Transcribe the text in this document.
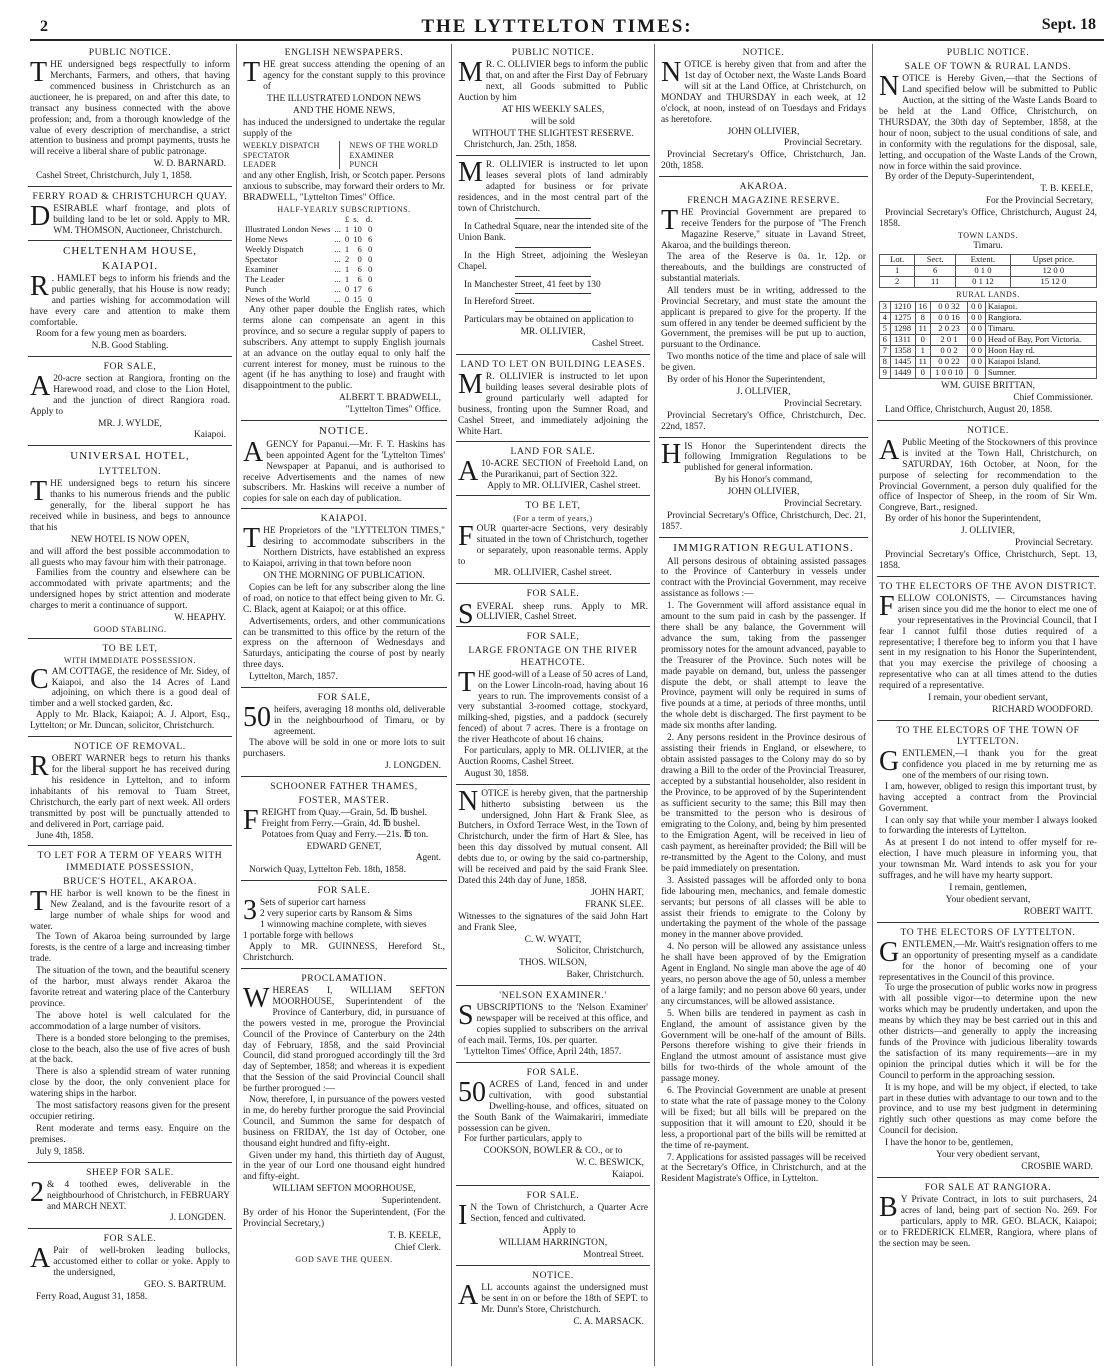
2	THE LYTTELTON TIMES:	Sept. 18
PUBLIC NOTICE.

THE undersigned begs respectfully to inform Merchants, Farmers, and others, that having commenced business in Christchurch as an auctioneer, he is prepared, on and after this date, to transact any business connected with the above profession; and, from a thorough knowledge of the value of every description of merchandise, a strict attention to business and prompt payments, trusts he will receive a liberal share of public patronage.

W. D. BARNARD.
Cashel Street, Christchurch, July 1, 1858.
FERRY ROAD & CHRISTCHURCH QUAY.

DESIRABLE wharf frontage, and plots of building land to be let or sold. Apply to MR. WM. THOMSON, Auctioneer, Christchurch.

CHELTENHAM HOUSE,
KAIAPOI.

R . HAMLET begs to inform his friends and the public generally, that his House is now ready; and parties wishing for accommodation will have every care and attention to make them comfortable.

Room for a few young men as boarders.
N.B. Good Stabling.
FOR SALE,

A 20-acre section at Rangiora, fronting on the Harewood road, and close to the Lion Hotel, and the junction of direct Rangiora road. Apply to

MR. J. WYLDE,
Kaiapoi.
UNIVERSAL HOTEL,
LYTTELTON.

THE undersigned begs to return his sincere thanks to his numerous friends and the public generally, for the liberal support he has received while in business, and begs to announce that his

NEW HOTEL IS NOW OPEN,

and will afford the best possible accommodation to all guests who may favour him with their patronage.

Families from the country and elsewhere can be accommodated with private apartments; and the undersigned hopes by strict attention and moderate charges to merit a continuance of support.

W. HEAPHY.
GOOD STABLING.
TO BE LET,
WITH IMMEDIATE POSSESSION.

CAM COTTAGE, the residence of Mr. Sidey, of Kaiapoi, and also the 14 Acres of Land adjoining, on which there is a good deal of timber and a well stocked garden, &c.

Apply to Mr. Black, Kaiapoi; A. J. Alport, Esq., Lyttelton; or Mr. Duncan, solicitor, Christchurch.

NOTICE OF REMOVAL.

ROBERT WARNER begs to return his thanks for the liberal support he has received during his residence in Lyttelton, and to inform inhabitants of his removal to Tuam Street, Christchurch, the early part of next week. All orders transmitted by post will be punctually attended to and delivered in Port, carriage paid.

June 4th, 1858.
TO LET FOR A TERM OF YEARS WITH IMMEDIATE POSSESSION,
BRUCE'S HOTEL, AKAROA.

THE harbor is well known to be the finest in New Zealand, and is the favourite resort of a large number of whale ships for wood and water.

The Town of Akaroa being surrounded by large forests, is the centre of a large and increasing timber trade.

The situation of the town, and the beautiful scenery of the harbor, must always render Akaroa the favorite retreat and watering place of the Canterbury province.

The above hotel is well calculated for the accommodation of a large number of visitors.

There is a bonded store belonging to the premises, close to the beach, also the use of five acres of bush at the back.

There is also a splendid stream of water running close by the door, the only convenient place for watering ships in the harbor.

The most satisfactory reasons given for the present occupier retiring.

Rent moderate and terms easy. Enquire on the premises.

July 9, 1858.
SHEEP FOR SALE.

2 & 4 toothed ewes, deliverable in the neighbourhood of Christchurch, in FEBRUARY and MARCH NEXT.

J. LONGDEN.
FOR SALE.

A Pair of well-broken leading bullocks, accustomed either to collar or yoke. Apply to the undersigned,

GEO. S. BARTRUM.
Ferry Road, August 31, 1858.
ENGLISH NEWSPAPERS.

THE great success attending the opening of an agency for the constant supply to this province of

THE ILLUSTRATED LONDON NEWS
AND THE HOME NEWS,

has induced the undersigned to undertake the regular supply of the

WEEKLY DISPATCH
SPECTATOR
LEADER
NEWS OF THE WORLD
EXAMINER
PUNCH

and any other English, Irish, or Scotch paper. Persons anxious to subscribe, may forward their orders to Mr. BRADWELL, "Lyttelton Times" Office.

HALF-YEARLY SUBSCRIPTIONS.
		£	s.	d.
Illustrated London News	...	1	10	0
Home News	...	0	10	6
Weekly Dispatch	...	1	6	0
Spectator	...	2	0	0
Examiner	...	1	6	0
The Leader	...	1	6	0
Punch	...	0	17	6
News of the World	...	0	15	0

Any other paper double the English rates, which terms alone can compensate an agent in this province, and so secure a regular supply of papers to subscribers. Any attempt to supply English journals at an advance on the outlay equal to only half the current interest for money, must be ruinous to the agent (if he has anything to lose) and fraught with disappointment to the public.

ALBERT T. BRADWELL,
"Lyttelton Times" Office.
NOTICE.

AGENCY for Papanui.—Mr. F. T. Haskins has been appointed Agent for the 'Lyttelton Times' Newspaper at Papanui, and is authorised to receive Advertisements and the names of new subscribers. Mr. Haskins will receive a number of copies for sale on each day of publication.

KAIAPOI.

THE Proprietors of the "LYTTELTON TIMES," desiring to accommodate subscribers in the Northern Districts, have established an express to Kaiapoi, arriving in that town before noon

ON THE MORNING OF PUBLICATION.

Copies can be left for any subscriber along the line of road, on notice to that effect being given to Mr. G. C. Black, agent at Kaiapoi; or at this office.

Advertisements, orders, and other communications can be transmitted to this office by the return of the express on the afternoon of Wednesdays and Saturdays, anticipating the course of post by nearly three days.

Lyttelton, March, 1857.
FOR SALE,

50 heifers, averaging 18 months old, deliverable in the neighbourhood of Timaru, or by agreement.

The above will be sold in one or more lots to suit purchasers.

J. LONGDEN.
SCHOONER FATHER THAMES,
FOSTER, MASTER.

FREIGHT from Quay.—Grain, 5d. ℔ bushel.

Freight from Ferry.—Grain, 4d. ℔ bushel.
Potatoes from Quay and Ferry.—21s. ℔ ton.
EDWARD GENET,
Agent.
Norwich Quay, Lyttelton Feb. 18th, 1858.
FOR SALE.

3 Sets of superior cart harness

2 very superior carts by Ransom & Sims
1 winnowing machine complete, with sieves
1 portable forge with bellows

Apply to MR. GUINNESS, Hereford St., Christchurch.

PROCLAMATION.

WHEREAS I, WILLIAM SEFTON MOORHOUSE, Superintendent of the Province of Canterbury, did, in pursuance of the powers vested in me, prorogue the Provincial Council of the Province of Canterbury on the 24th day of February, 1858, and the said Provincial Council, did stand prorogued accordingly till the 3rd day of September, 1858; and whereas it is expedient that the Session of the said Provincial Council shall be further prorogued :—

Now, therefore, I, in pursuance of the powers vested in me, do hereby further prorogue the said Provincial Council, and Summon the same for despatch of business on FRIDAY, the 1st day of October, one thousand eight hundred and fifty-eight.

Given under my hand, this thirtieth day of August, in the year of our Lord one thousand eight hundred and fifty-eight.

WILLIAM SEFTON MOORHOUSE,
Superintendent.

By order of his Honor the Superintendent, (For the Provincial Secretary,)

T. B. KEELE,
Chief Clerk.
GOD SAVE THE QUEEN.
PUBLIC NOTICE.

M R. C. OLLIVIER begs to inform the public that, on and after the First Day of February next, all Goods submitted to Public Auction by him

AT HIS WEEKLY SALES,
will be sold
WITHOUT THE SLIGHTEST RESERVE.
Christchurch, Jan. 25th, 1858.

M R. OLLIVIER is instructed to let upon leases several plots of land admirably adapted for business or for private residences, and in the most central part of the town of Christchurch.

In Cathedral Square, near the intended site of the Union Bank.

In the High Street, adjoining the Wesleyan Chapel.

In Manchester Street, 41 feet by 130

In Hereford Street.

Particulars may be obtained on application to

MR. OLLIVIER,
Cashel Street.
LAND TO LET ON BUILDING LEASES.

M R. OLLIVIER is instructed to let upon building leases several desirable plots of ground particularly well adapted for business, fronting upon the Sumner Road, and Cashel Street, and immediately adjoining the White Hart.

LAND FOR SALE.

A 10-ACRE SECTION of Freehold Land, on the Purarikanui, part of Section 322.

Apply to MR. OLLIVIER, Cashel street.

TO BE LET,
(For a term of years,)

FOUR quarter-acre Sections, very desirably situated in the town of Christchurch, together or separately, upon reasonable terms. Apply to

MR. OLLIVIER, Cashel street.
FOR SALE.

SEVERAL sheep runs. Apply to MR. OLLIVIER, Cashel Street.

FOR SALE,
LARGE FRONTAGE ON THE RIVER HEATHCOTE.

THE good-will of a Lease of 50 acres of Land, on the Lower Lincoln-road, having about 16 years to run. The improvements consist of a very substantial 3-roomed cottage, stockyard, milking-shed, pigsties, and a paddock (securely fenced) of about 7 acres. There is a frontage on the river Heathcote of about 16 chains.

For particulars, apply to MR. OLLIVIER, at the Auction Rooms, Cashel Street.

August 30, 1858.

NOTICE is hereby given, that the partnership hitherto subsisting between us the undersigned, John Hart & Frank Slee, as Butchers, in Oxford Terrace West, in the Town of Christchurch, under the firm of Hart & Slee, has been this day dissolved by mutual consent. All debts due to, or owing by the said co-partnership, will be received and paid by the said Frank Slee. Dated this 24th day of June, 1858.

JOHN HART,
FRANK SLEE.

Witnesses to the signatures of the said John Hart and Frank Slee,

C. W. WYATT,
Solicitor, Christchurch,
THOS. WILSON,
Baker, Christchurch.
'NELSON EXAMINER.'

SUBSCRIPTIONS to the 'Nelson Examiner' newspaper will be received at this office, and copies supplied to subscribers on the arrival of each mail. Terms, 10s. per quarter.

'Lyttelton Times' Office, April 24th, 1857.
FOR SALE.

50 ACRES of Land, fenced in and under cultivation, with good substantial Dwelling-house, and offices, situated on the South Bank of the Waimakariri, immediate possession can be given.

For further particulars, apply to

COOKSON, BOWLER & CO., or to
W. C. BESWICK,
Kaiapoi.
FOR SALE.

I N the Town of Christchurch, a Quarter Acre Section, fenced and cultivated.

Apply to
WILLIAM HARRINGTON,
Montreal Street.
NOTICE.

ALL accounts against the undersigned must be sent in on or before the 18th of SEPT. to Mr. Dunn's Store, Christchurch.

C. A. MARSACK.
NOTICE.

NOTICE is hereby given that from and after the 1st day of October next, the Waste Lands Board will sit at the Land Office, at Christchurch, on MONDAY and THURSDAY in each week, at 12 o'clock, at noon, instead of on Tuesdays and Fridays as heretofore.

JOHN OLLIVIER,
Provincial Secretary.
Provincial Secretary's Office, Christchurch, Jan. 20th, 1858.
AKAROA.
FRENCH MAGAZINE RESERVE.

THE Provincial Government are prepared to receive Tenders for the purpose of "The French Magazine Reserve," situate in Lavand Street, Akaroa, and the buildings thereon.

The area of the Reserve is 0a. 1r. 12p. or thereabouts, and the buildings are constructed of substantial materials.

All tenders must be in writing, addressed to the Provincial Secretary, and must state the amount the applicant is prepared to give for the property. If the sum offered in any tender be deemed sufficient by the Government, the premises will be put up to auction, pursuant to the Ordinance.

Two months notice of the time and place of sale will be given.

By order of his Honor the Superintendent,

J. OLLIVIER,
Provincial Secretary.
Provincial Secretary's Office, Christchurch, Dec. 22nd, 1857.

HIS Honor the Superintendent directs the following Immigration Regulations to be published for general information.

By his Honor's command,
JOHN OLLIVIER,
Provincial Secretary.
Provincial Secretary's Office, Christchurch, Dec. 21, 1857.
IMMIGRATION REGULATIONS.

All persons desirous of obtaining assisted passages to the Province of Canterbury in vessels under contract with the Provincial Government, may receive assistance as follows :—

1. The Government will afford assistance equal in amount to the sum paid in cash by the passenger. If there shall be any balance, the Government will advance the sum, taking from the passenger promissory notes for the amount advanced, payable to the Treasurer of the Province. Such notes will be made payable on demand, but, unless the passenger dispute the debt, or shall attempt to leave the Province, payment will only be required in sums of five pounds at a time, at periods of three months, until the whole debt is discharged. The first payment to be made six months after landing.

2. Any persons resident in the Province desirous of assisting their friends in England, or elsewhere, to obtain assisted passages to the Colony may do so by drawing a Bill to the order of the Provincial Treasurer, accepted by a substantial householder, also resident in the Province, to be approved of by the Superintendent as sufficient security to the same; this Bill may then be transmitted to the person who is desirous of emigrating to the Colony, and, being by him presented to the Emigration Agent, will be received in lieu of cash payment, as hereinafter provided; the Bill will be re-transmitted by the Agent to the Colony, and must be paid immediately on presentation.

3. Assisted passages will be afforded only to bona fide labouring men, mechanics, and female domestic servants; but persons of all classes will be able to assist their friends to emigrate to the Colony by undertaking the payment of the whole of the passage money in the manner above provided.

4. No person will be allowed any assistance unless he shall have been approved of by the Emigration Agent in England. No single man above the age of 40 years, no person above the age of 50, unless a member of a large family; and no person above 60 years, under any circumstances, will be allowed assistance.

5. When bills are tendered in payment as cash in England, the amount of assistance given by the Government will be one-half of the amount of Bills. Persons therefore wishing to give their friends in England the utmost amount of assistance must give bills for two-thirds of the whole amount of the passage money.

6. The Provincial Government are unable at present to state what the rate of passage money to the Colony will be fixed; but all bills will be prepared on the supposition that it will amount to £20, should it be less, a proportional part of the bills will be remitted at the time of re-payment.

7. Applications for assisted passages will be received at the Secretary's Office, in Christchurch, and at the Resident Magistrate's Office, in Lyttelton.

PUBLIC NOTICE.
SALE OF TOWN & RURAL LANDS.

NOTICE is Hereby Given,—that the Sections of Land specified below will be submitted to Public Auction, at the sitting of the Waste Lands Board to be held at the Land Office, Christchurch, on THURSDAY, the 30th day of September, 1858, at the hour of noon, subject to the usual conditions of sale, and in conformity with the regulations for the disposal, sale, letting, and occupation of the Waste Lands of the Crown, now in force within the said province.

By order of the Deputy-Superintendent,

T. B. KEELE,
For the Provincial Secretary,
Provincial Secretary's Office, Christchurch, August 24, 1858.
TOWN LANDS.
Timaru.
Lot.	Sect.	Extent.	Upset price.
1	6	0 1 0	12 0 0
2	11	0 1 12	15 12 0
RURAL LANDS.
3	1210	16	0 0 32	0 0	Kaiapoi.
4	1275	8	0 0 16	0 0	Rangiora.
5	1298	11	2 0 23	0 0	Timaru.
6	1311	0	2 0 1	0 0	Head of Bay, Port Victoria.
7	1358	1	0 0 2	0 0	Hoon Hay rd.
8	1445	11	0 0 22	0 0	Kaiapoi Island.
9	1449	0	1 0 0 10	0	Sumner.
WM. GUISE BRITTAN,
Chief Commissioner.
Land Office, Christchurch, August 20, 1858.
NOTICE.

A Public Meeting of the Stockowners of this province is invited at the Town Hall, Christchurch, on SATURDAY, 16th October, at Noon, for the purpose of selecting for recommendation to the Provincial Government, a person duly qualified for the office of Inspector of Sheep, in the room of Sir Wm. Congreve, Bart., resigned.

By order of his honor the Superintendent,

J. OLLIVIER,
Provincial Secretary.
Provincial Secretary's Office, Christchurch, Sept. 13, 1858.
TO THE ELECTORS OF THE AVON DISTRICT.

FELLOW COLONISTS, — Circumstances having arisen since you did me the honor to elect me one of your representatives in the Provincial Council, that I fear I cannot fulfil those duties required of a representative; I therefore beg to inform you that I have sent in my resignation to his Honor the Superintendent, that you may exercise the privilege of choosing a representative who can at all times attend to the duties required of a representative.

I remain, your obedient servant,
RICHARD WOODFORD.
TO THE ELECTORS OF THE TOWN OF LYTTELTON.

GENTLEMEN,—I thank you for the great confidence you placed in me by returning me as one of the members of our rising town.

I am, however, obliged to resign this important trust, by having accepted a contract from the Provincial Government.

I can only say that while your member I always looked to forwarding the interests of Lyttelton.

As at present I do not intend to offer myself for re-election, I have much pleasure in informing you, that your townsman Mr. Ward intends to ask you for your suffrages, and he will have my hearty support.

I remain, gentlemen,
Your obedient servant,
ROBERT WAITT.
TO THE ELECTORS OF LYTTELTON.

GENTLEMEN,—Mr. Waitt's resignation offers to me an opportunity of presenting myself as a candidate for the honor of becoming one of your representatives in the Council of this province.

To urge the prosecution of public works now in progress with all possible vigor—to determine upon the new works which may be prudently undertaken, and upon the means by which they may be best carried out in this and other districts—and generally to apply the increasing funds of the Province with judicious liberality towards the satisfaction of its many requirements—are in my opinion the principal duties which it will be for the Council to perform in the approaching session.

It is my hope, and will be my object, if elected, to take part in these duties with advantage to our town and to the province, and to use my best judgment in determining rightly such other questions as may come before the Council for decision.

I have the honor to be, gentlemen,

Your very obedient servant,
CROSBIE WARD.
FOR SALE AT RANGIORA.

B Y Private Contract, in lots to suit purchasers, 24 acres of land, being part of section No. 269. For particulars, apply to MR. GEO. BLACK, Kaiapoi; or to FREDERICK ELMER, Rangiora, where plans of the section may be seen.
